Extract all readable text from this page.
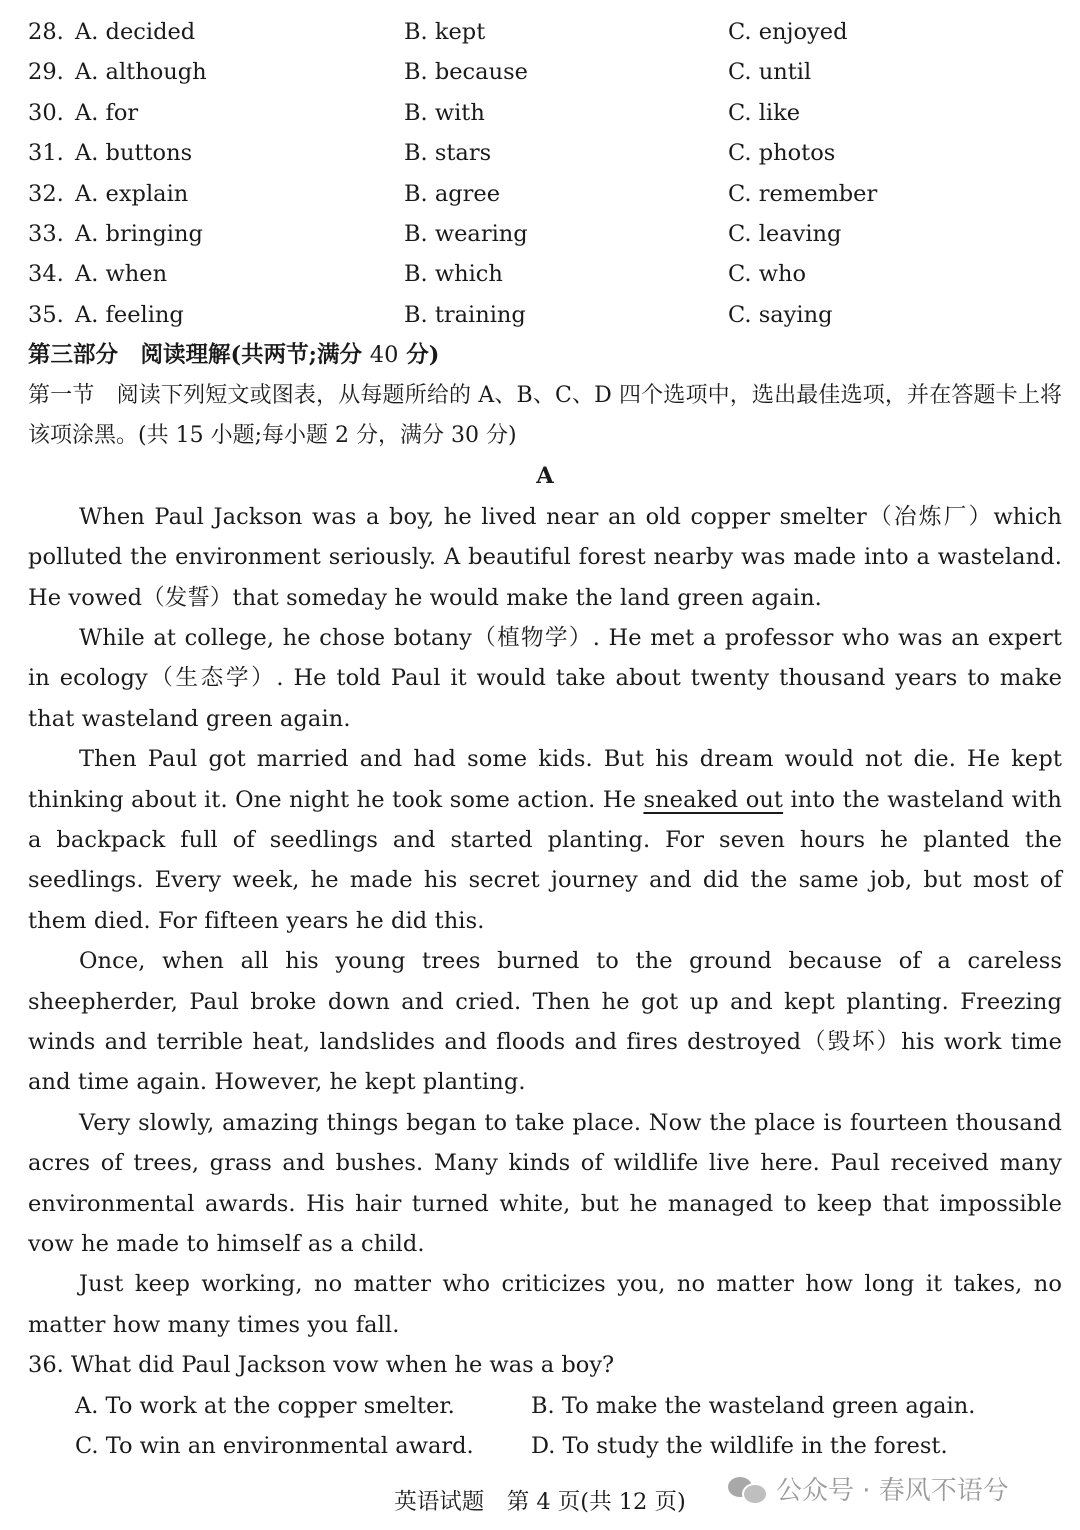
28. A. decided	B. kept	C. enjoyed
29. A. although	B. because	C. until
30. A. for	B. with	C. like
31. A. buttons	B. stars	C. photos
32. A. explain	B. agree	C. remember
33. A. bringing	B. wearing	C. leaving
34. A. when	B. which	C. who
35. A. feeling	B. training	C. saying
第三部分　阅读理解(共两节;满分 40 分)
第一节　阅读下列短文或图表，从每题所给的 A、B、C、D 四个选项中，选出最佳选项，并在答题卡上将该项涂黑。(共 15 小题;每小题 2 分，满分 30 分)
A

When Paul Jackson was a boy, he lived near an old copper smelter（冶炼厂）which polluted the environment seriously. A beautiful forest nearby was made into a wasteland. He vowed（发誓）that someday he would make the land green again.

While at college, he chose botany（植物学）. He met a professor who was an expert in ecology（生态学）. He told Paul it would take about twenty thousand years to make that wasteland green again.

Then Paul got married and had some kids. But his dream would not die. He kept thinking about it. One night he took some action. He sneaked out into the wasteland with a backpack full of seedlings and started planting. For seven hours he planted the seedlings. Every week, he made his secret journey and did the same job, but most of them died. For fifteen years he did this.

Once, when all his young trees burned to the ground because of a careless sheepherder, Paul broke down and cried. Then he got up and kept planting. Freezing winds and terrible heat, landslides and floods and fires destroyed（毁坏）his work time and time again. However, he kept planting.

Very slowly, amazing things began to take place. Now the place is fourteen thousand acres of trees, grass and bushes. Many kinds of wildlife live here. Paul received many environmental awards. His hair turned white, but he managed to keep that impossible vow he made to himself as a child.

Just keep working, no matter who criticizes you, no matter how long it takes, no matter how many times you fall.

36. What did Paul Jackson vow when he was a boy?
A. To work at the copper smelter.	B. To make the wasteland green again.
C. To win an environmental award.	D. To study the wildlife in the forest.
英语试题　第 4 页(共 12 页)	公众号 · 春风不语兮
